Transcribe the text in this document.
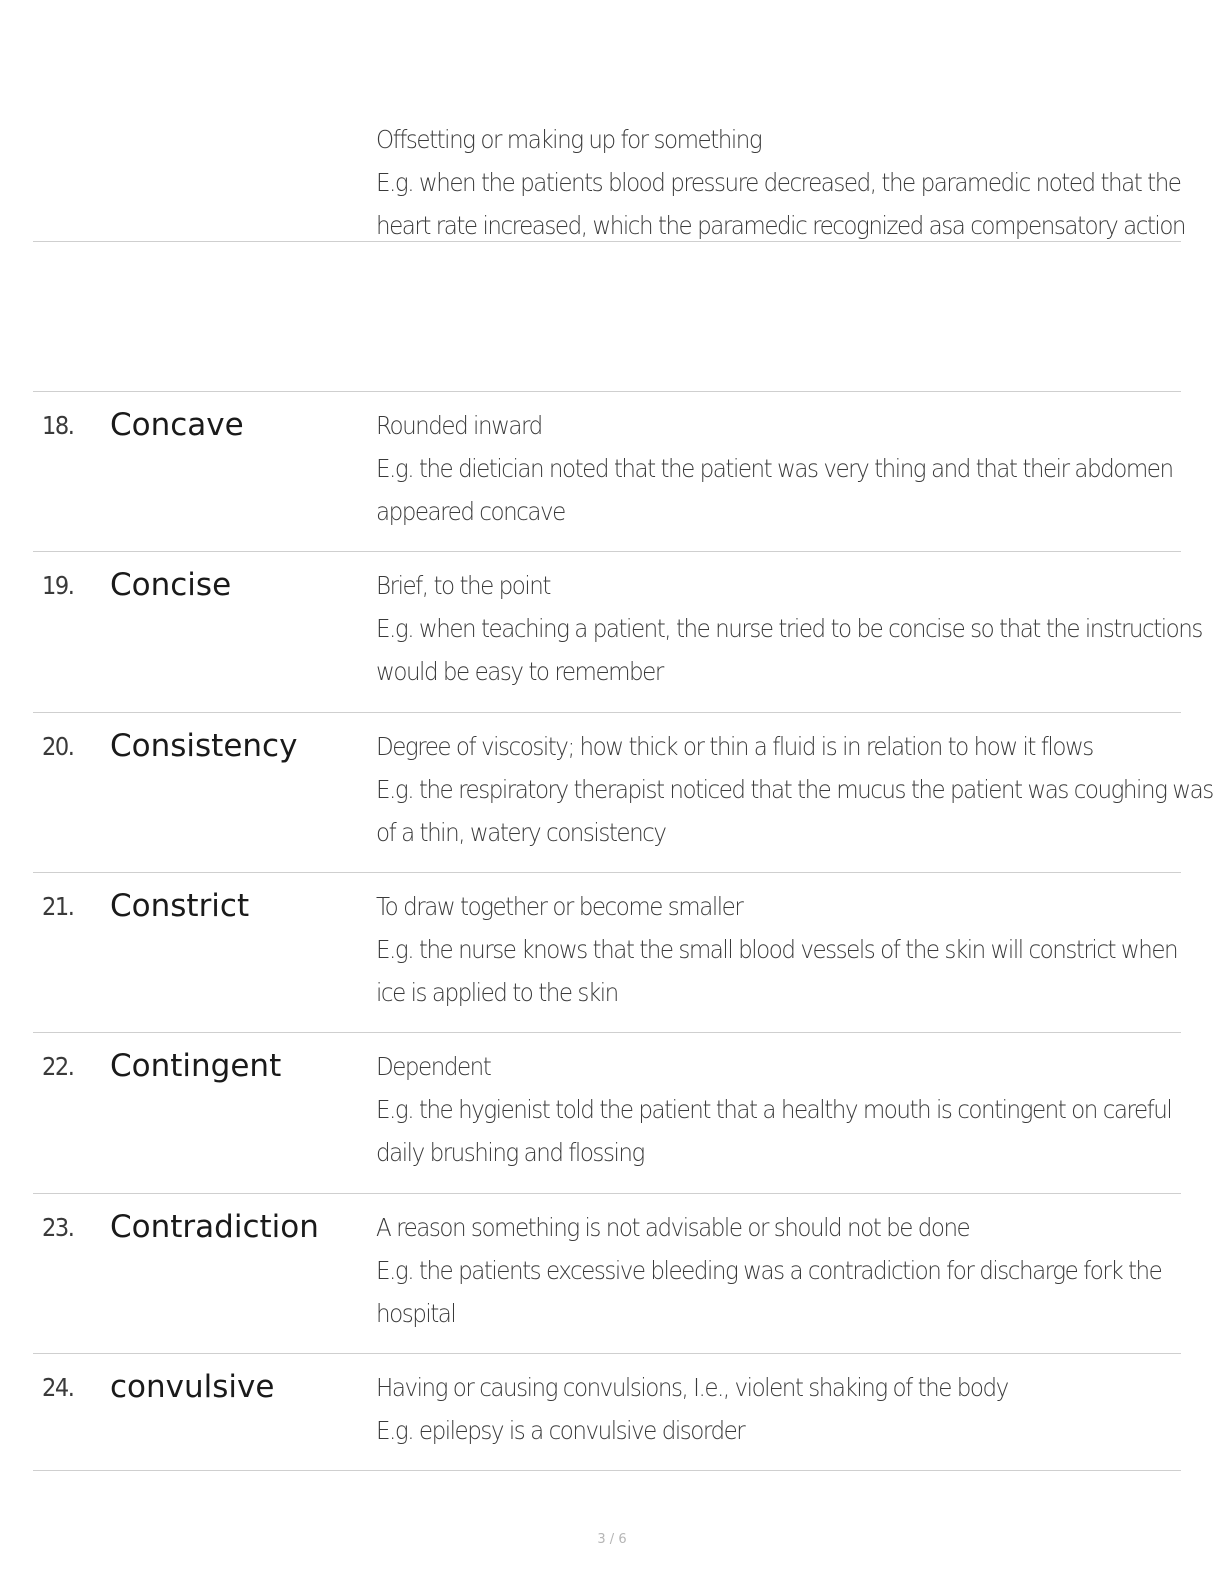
Offsetting or making up for something
E.g. when the patients blood pressure decreased, the paramedic noted that the
heart rate increased, which the paramedic recognized asa compensatory action
18. Concave	Rounded inward
E.g. the dietician noted that the patient was very thing and that their abdomen
appeared concave
19. Concise	Brief, to the point
E.g. when teaching a patient, the nurse tried to be concise so that the instructions
would be easy to remember
20. Consistency	Degree of viscosity; how thick or thin a fluid is in relation to how it flows
E.g. the respiratory therapist noticed that the mucus the patient was coughing was
of a thin, watery consistency
21. Constrict	To draw together or become smaller
E.g. the nurse knows that the small blood vessels of the skin will constrict when
ice is applied to the skin
22. Contingent	Dependent
E.g. the hygienist told the patient that a healthy mouth is contingent on careful
daily brushing and flossing
23. Contradiction A reason something is not advisable or should not be done
E.g. the patients excessive bleeding was a contradiction for discharge fork the
hospital
24. convulsive	Having or causing convulsions, I.e., violent shaking of the body
E.g. epilepsy is a convulsive disorder
3 / 6
